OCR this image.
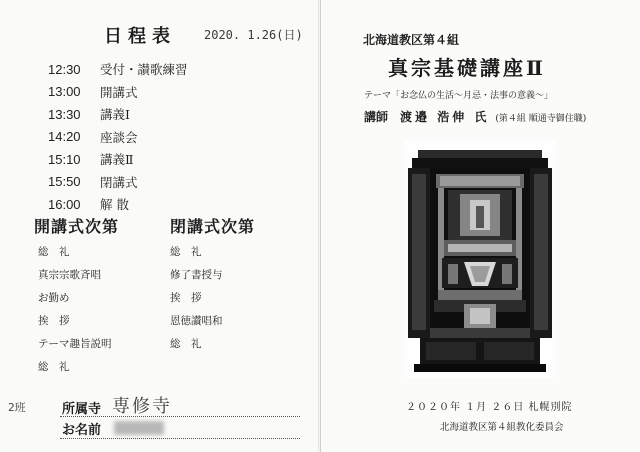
日程表 2020. 1.26(日)
12:30	受付・讃歌練習
13:00	開講式
13:30	講義Ⅰ
14:20	座談会
15:10	講義Ⅱ
15:50	閉講式
16:00	解 散
開講式次第	閉講式次第
総　礼
真宗宗歌斉唱
お勤め
挨　拶
テーマ趣旨説明
総　礼
総　礼
修了書授与
挨　拶
恩徳讃唱和
総　礼
2班	所属寺 専修寺
お名前
北海道教区第４組
真宗基礎講座Ⅱ
テーマ「お念仏の生活～月忌・法事の意義～」
講師 渡邉 浩伸 氏 (第４組 順通寺御住職)
２０２０年 １月 ２６日 札幌別院
北海道教区第４組教化委員会
